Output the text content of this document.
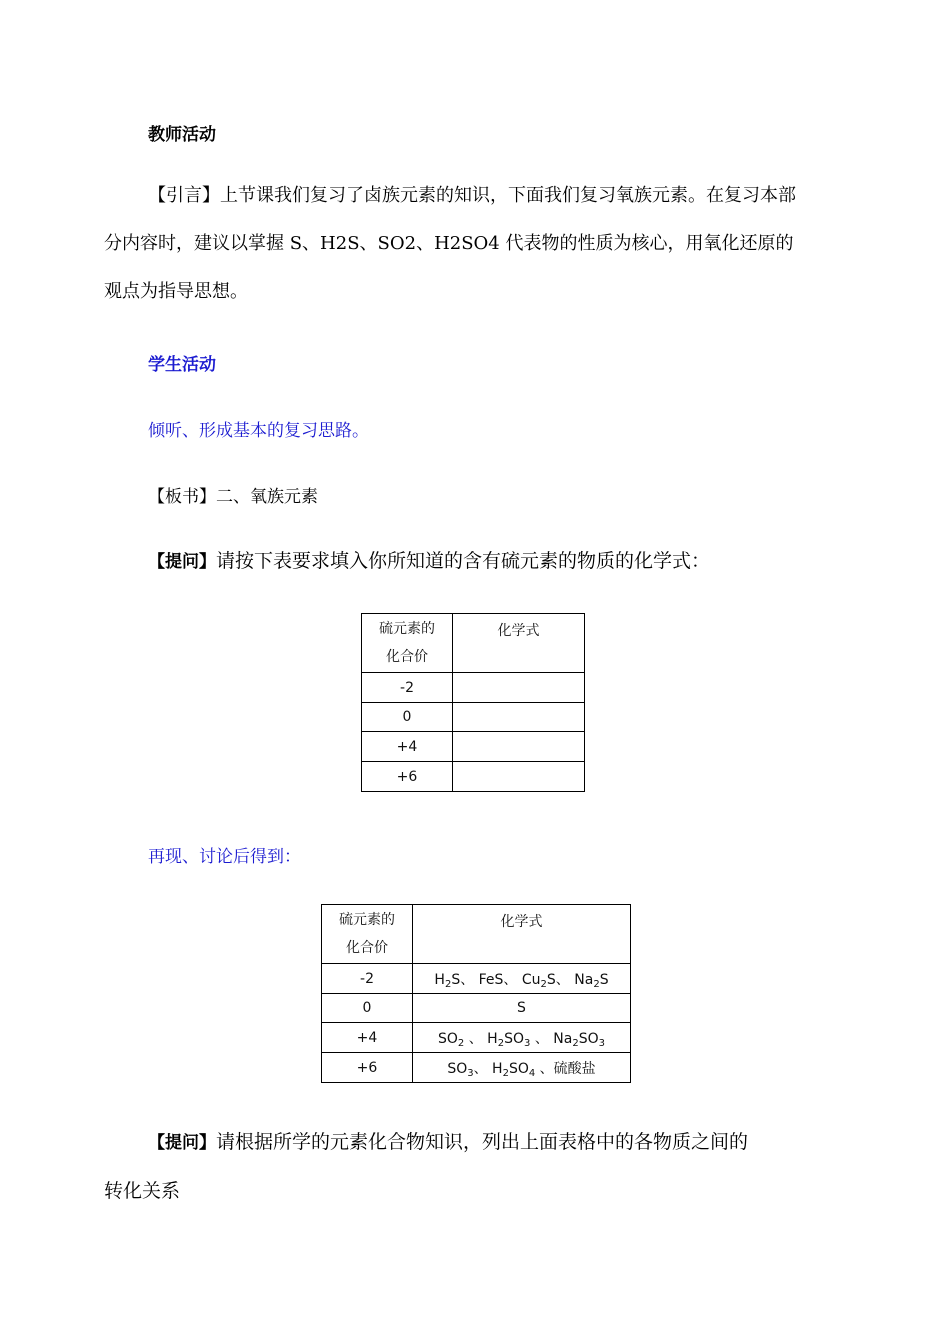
教师活动
【引言】上节课我们复习了卤族元素的知识，下面我们复习氧族元素。在复习本部
分内容时，建议以掌握 S、H2S、SO2、H2SO4 代表物的性质为核心，用氧化还原的
观点为指导思想。
学生活动
倾听、形成基本的复习思路。
【板书】二、氧族元素
【提问】请按下表要求填入你所知道的含有硫元素的物质的化学式：
硫元素的
化合价	化学式
-2	
0	
+4	
+6	
再现、讨论后得到：
硫元素的
化合价	化学式
-2	$H_2S$、 FeS、 $Cu_2S$、 $Na_2S$
0	S
+4	$SO_2$ 、 $H_2SO_3$ 、 $Na_2SO_3$
+6	$SO_3$、 $H_2SO_4$ 、硫酸盐
【提问】请根据所学的元素化合物知识，列出上面表格中的各物质之间的
转化关系
